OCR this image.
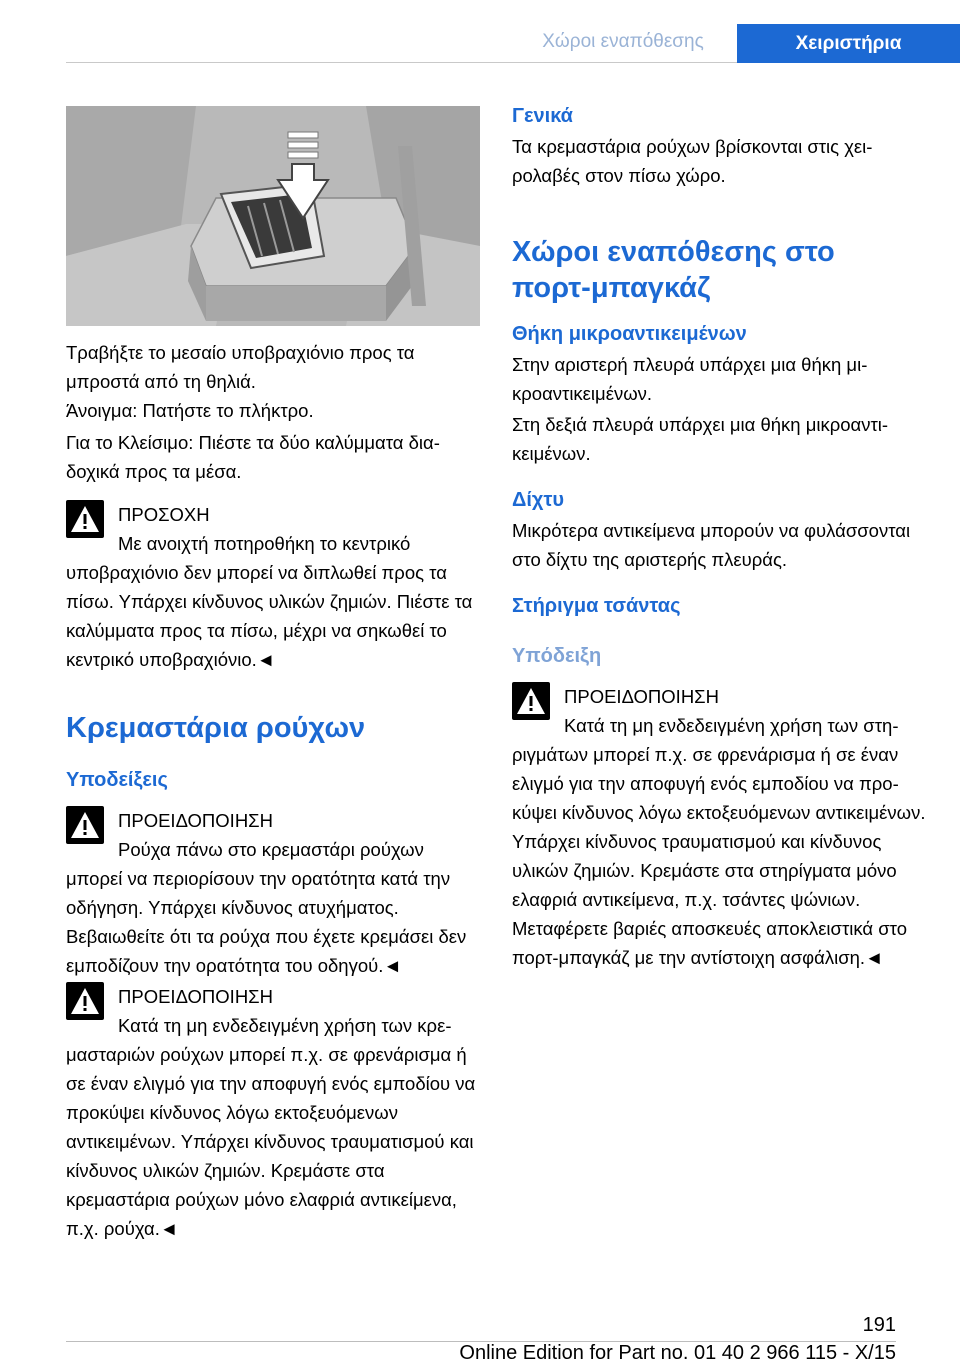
Χώροι εναπόθεσης	Χειριστήρια

Τραβήξτε το μεσαίο υποβραχιόνιο προς τα μπροστά από τη θηλιά.

Άνοιγμα: Πατήστε το πλήκτρο.

Για το Κλείσιμο: Πιέστε τα δύο καλύμματα διαδοχικά προς τα μέσα.

ΠΡΟΣΟΧΗ
Με ανοιχτή ποτηροθήκη το κεντρικό υποβραχιόνιο δεν μπορεί να διπλωθεί προς τα πίσω. Υπάρχει κίνδυνος υλικών ζημιών. Πιέστε τα καλύμματα προς τα πίσω, μέχρι να σηκωθεί το κεντρικό υποβραχιόνιο.◄
Κρεμαστάρια ρούχων
Υποδείξεις
ΠΡΟΕΙΔΟΠΟΙΗΣΗ
Ρούχα πάνω στο κρεμαστάρι ρούχων μπορεί να περιορίσουν την ορατότητα κατά την οδήγηση. Υπάρχει κίνδυνος ατυχήματος. Βεβαιωθείτε ότι τα ρούχα που έχετε κρεμάσει δεν εμποδίζουν την ορατότητα του οδηγού.◄
ΠΡΟΕΙΔΟΠΟΙΗΣΗ
Κατά τη μη ενδεδειγμένη χρήση των κρεμασταριών ρούχων μπορεί π.χ. σε φρενάρισμα ή σε έναν ελιγμό για την αποφυγή ενός εμποδίου να προκύψει κίνδυνος λόγω εκτοξευόμενων αντικειμένων. Υπάρχει κίνδυνος τραυματισμού και κίνδυνος υλικών ζημιών. Κρεμάστε στα κρεμαστάρια ρούχων μόνο ελαφριά αντικείμενα, π.χ. ρούχα.◄
Γενικά

Τα κρεμαστάρια ρούχων βρίσκονται στις χειρολαβές στον πίσω χώρο.

Χώροι εναπόθεσης στο
πορτ-μπαγκάζ
Θήκη μικροαντικειμένων

Στην αριστερή πλευρά υπάρχει μια θήκη μικροαντικειμένων.

Στη δεξιά πλευρά υπάρχει μια θήκη μικροαντικειμένων.

Δίχτυ

Μικρότερα αντικείμενα μπορούν να φυλάσσονται στο δίχτυ της αριστερής πλευράς.

Στήριγμα τσάντας
Υπόδειξη
ΠΡΟΕΙΔΟΠΟΙΗΣΗ
Κατά τη μη ενδεδειγμένη χρήση των στηριγμάτων μπορεί π.χ. σε φρενάρισμα ή σε έναν ελιγμό για την αποφυγή ενός εμποδίου να προκύψει κίνδυνος λόγω εκτοξευόμενων αντικειμένων. Υπάρχει κίνδυνος τραυματισμού και κίνδυνος υλικών ζημιών. Κρεμάστε στα στηρίγματα μόνο ελαφριά αντικείμενα, π.χ. τσάντες ψώνιων. Μεταφέρετε βαριές αποσκευές αποκλειστικά στο πορτ-μπαγκάζ με την αντίστοιχη ασφάλιση.◄
191
Online Edition for Part no. 01 40 2 966 115 - X/15
